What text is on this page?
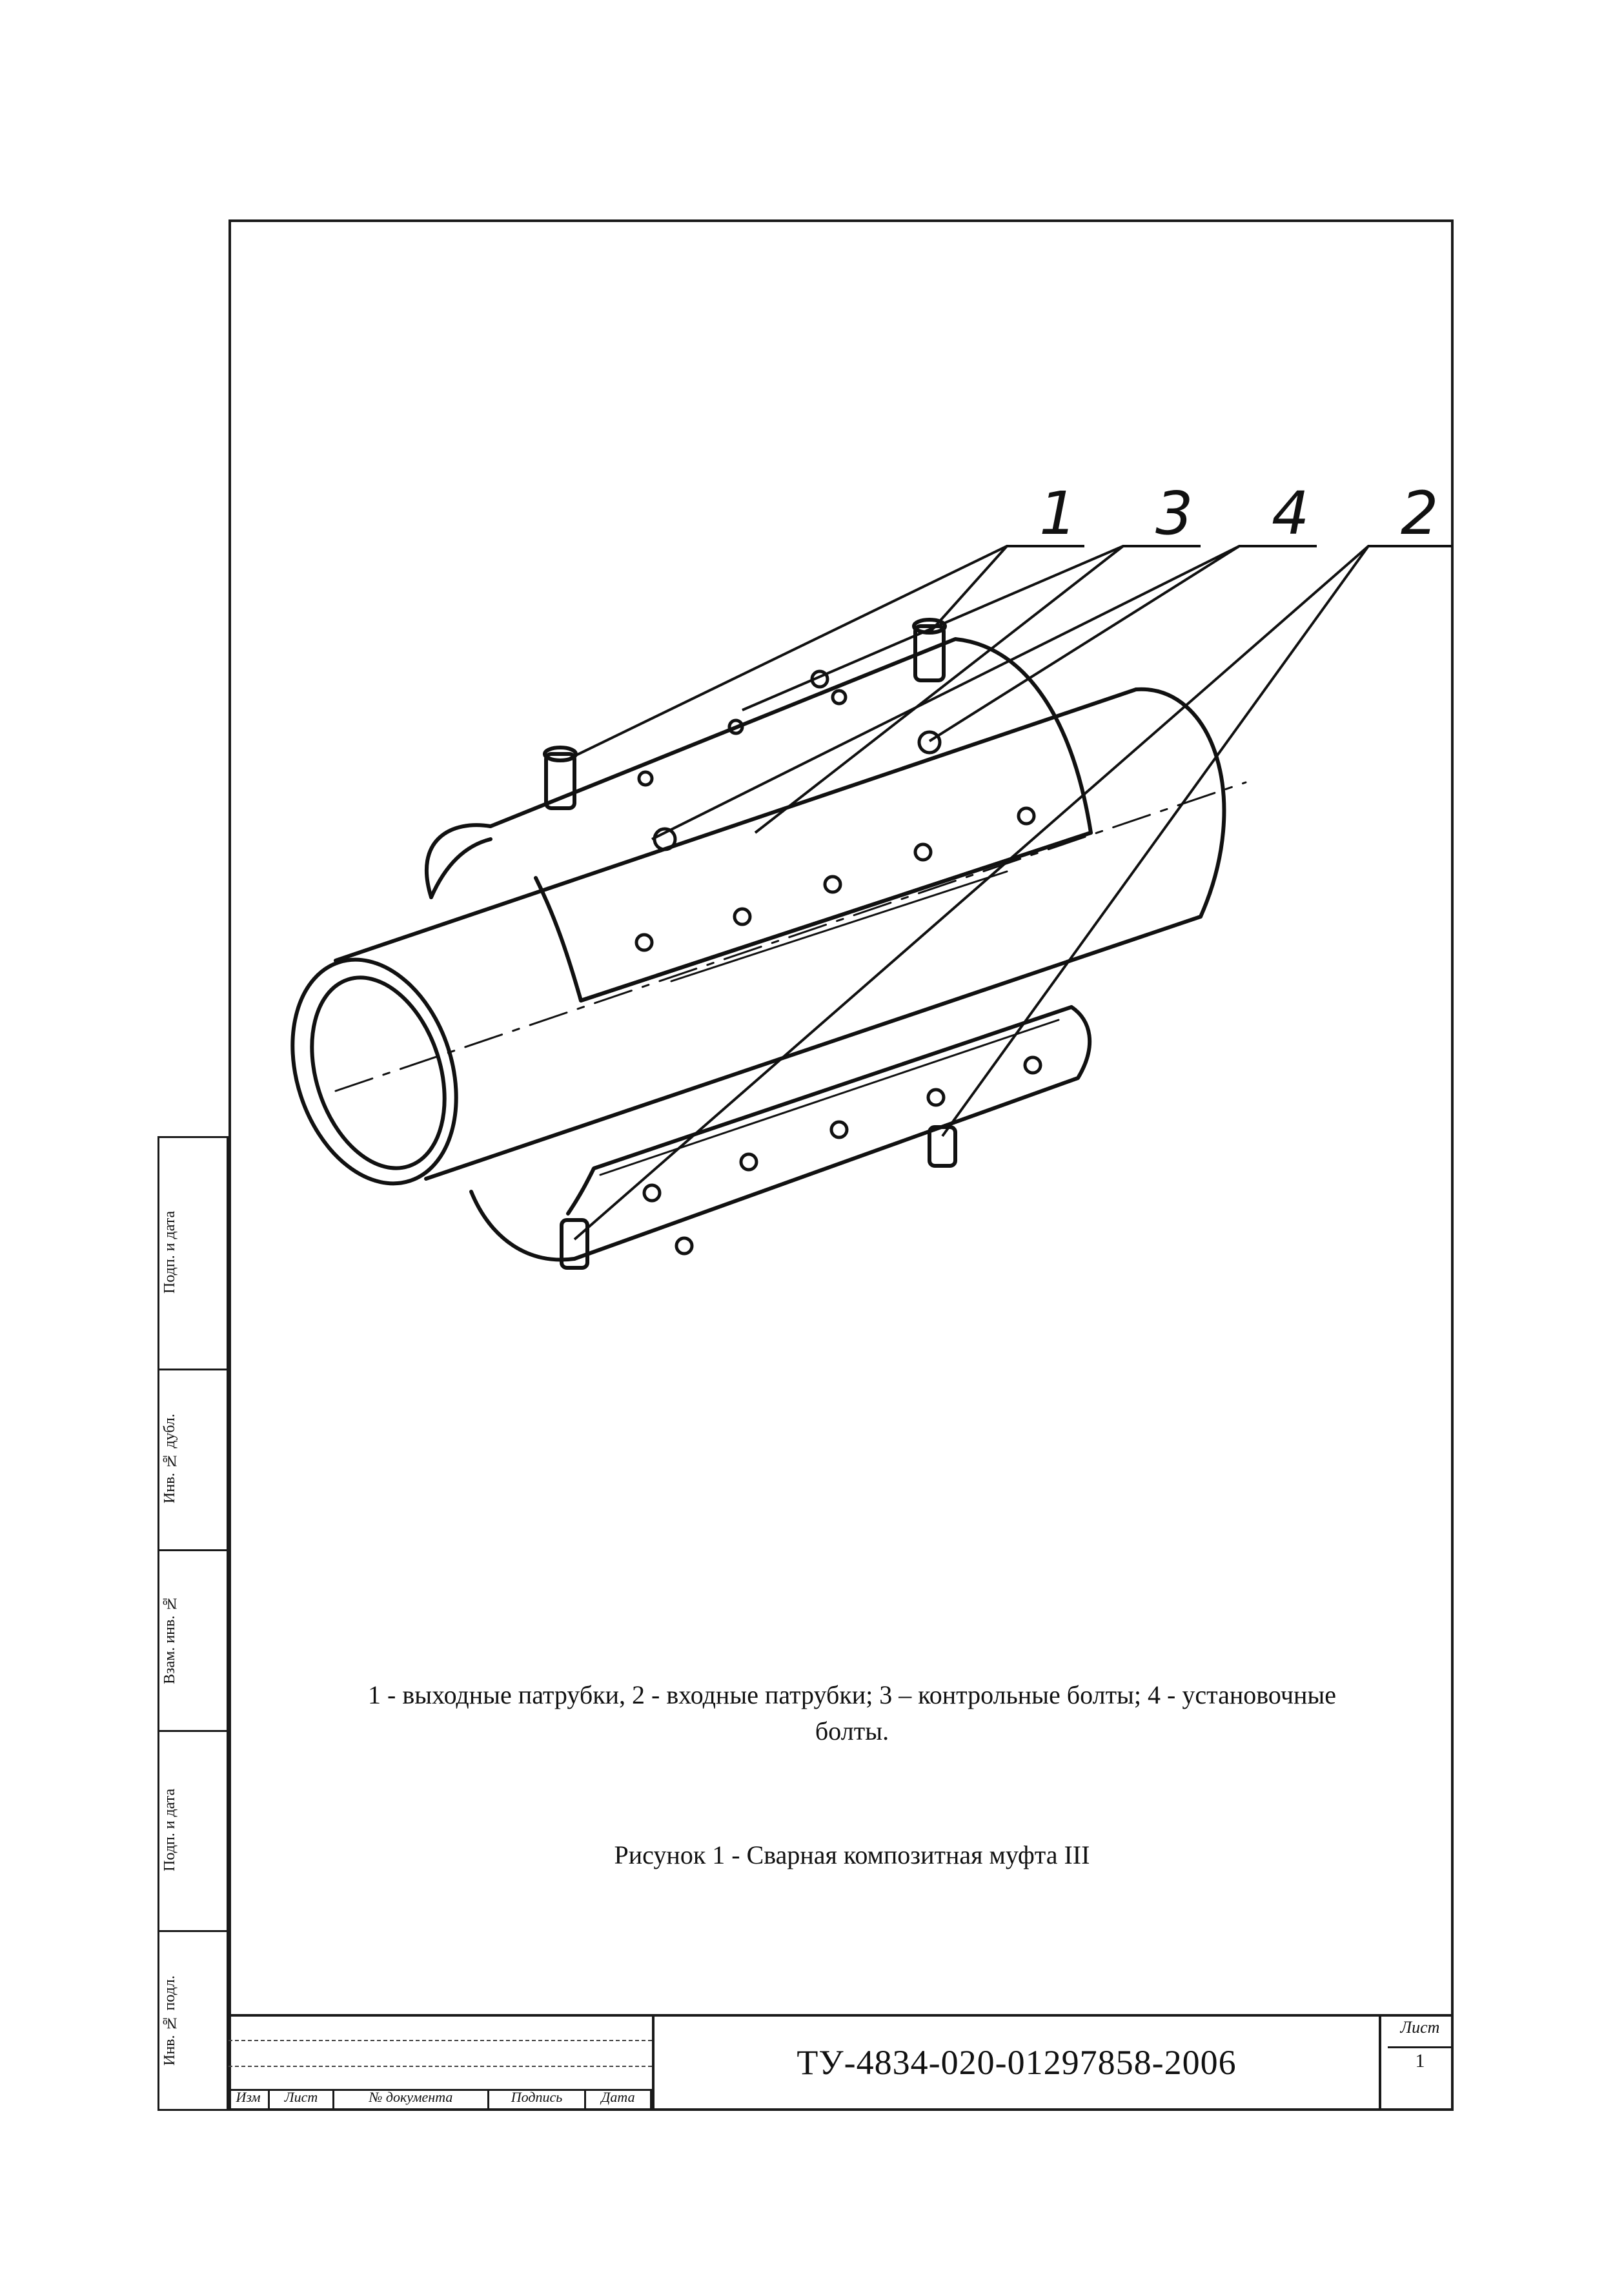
1 3 4 2
1 - выходные патрубки, 2 - входные патрубки; 3 – контрольные болты; 4 - установочные
болты.
Рисунок 1 - Сварная композитная муфта III
Подп. и дата
Инв. № дубл.
Взам. инв. №
Подп. и дата
Инв. № подл.
Изм	Лист	№ документа	Подпись	Дата
ТУ-4834-020-01297858-2006
Лист
1
